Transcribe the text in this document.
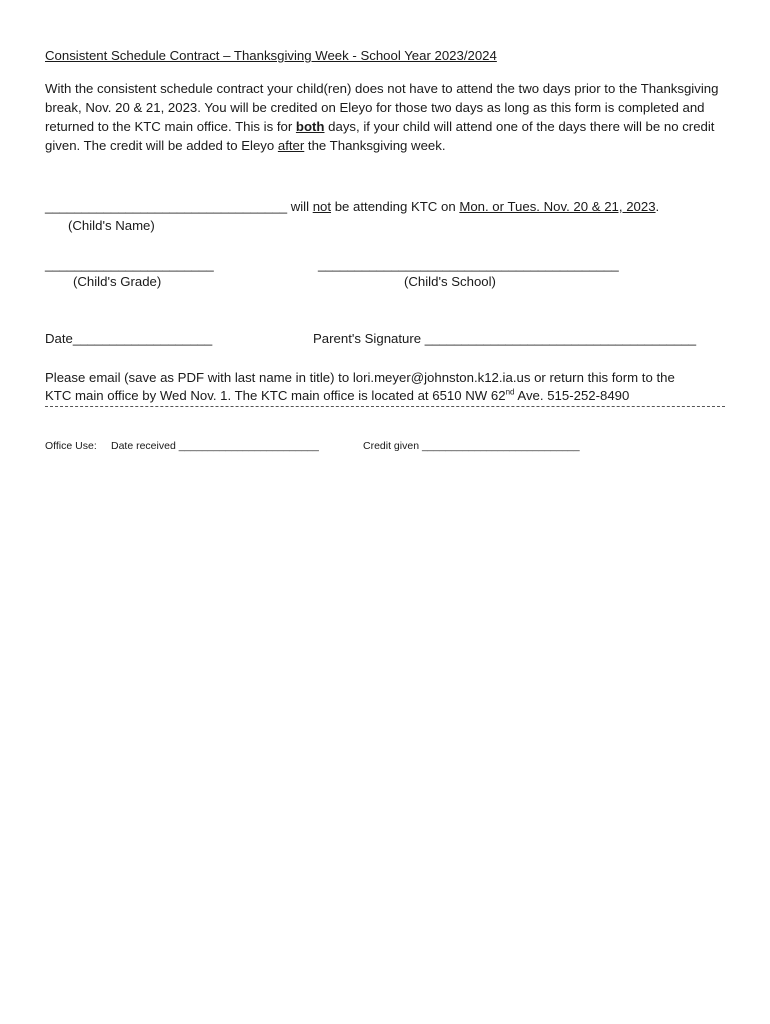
Consistent Schedule Contract – Thanksgiving Week - School Year 2023/2024
With the consistent schedule contract your child(ren) does not have to attend the two days prior to the Thanksgiving break, Nov. 20 & 21, 2023. You will be credited on Eleyo for those two days as long as this form is completed and returned to the KTC main office. This is for both days, if your child will attend one of the days there will be no credit given. The credit will be added to Eleyo after the Thanksgiving week.
_________________________________ will not be attending KTC on Mon. or Tues. Nov. 20 & 21, 2023.
(Child's Name)
_______________________	_________________________________________
(Child's Grade)	(Child's School)
Date___________________	Parent's Signature _____________________________________
Please email (save as PDF with last name in title) to lori.meyer@johnston.k12.ia.us or return this form to the
KTC main office by Wed Nov. 1. The KTC main office is located at 6510 NW 62nd Ave. 515-252-8490
Office Use: Date received ________________________	Credit given ___________________________
